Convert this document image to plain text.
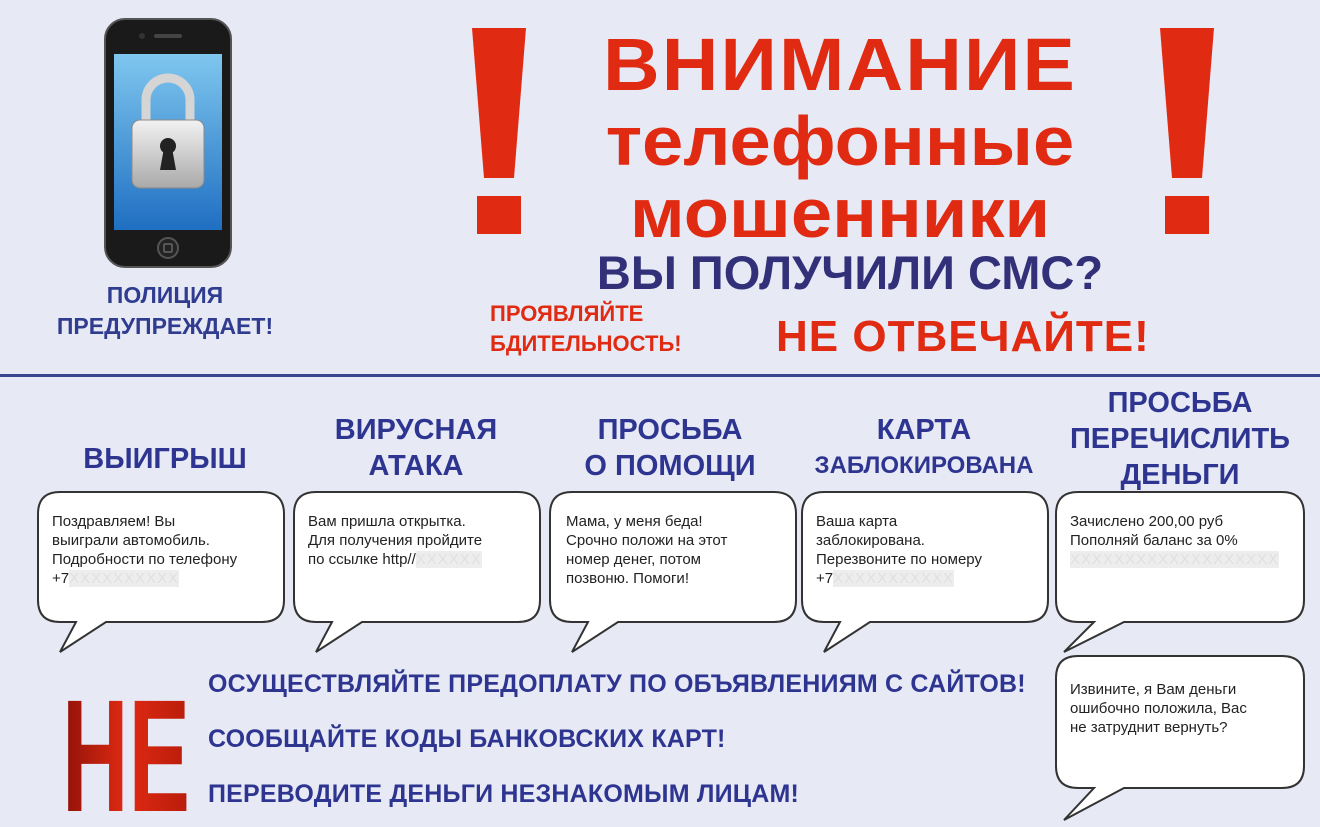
ПОЛИЦИЯ
ПРЕДУПРЕЖДАЕТ!
ВНИМАНИЕ
телефонные
мошенники
ВЫ ПОЛУЧИЛИ СМС?
ПРОЯВЛЯЙТЕ
БДИТЕЛЬНОСТЬ!	НЕ ОТВЕЧАЙТЕ!
ВЫИГРЫШ
ВИРУСНАЯ
АТАКА
ПРОСЬБА
О ПОМОЩИ
КАРТА
ЗАБЛОКИРОВАНА
ПРОСЬБА
ПЕРЕЧИСЛИТЬ
ДЕНЬГИ
Поздравляем! Вы
выиграли автомобиль.
Подробности по телефону
+7XXXXXXXXXX
Вам пришла открытка.
Для получения пройдите
по ссылке http//XXXXXX
Мама, у меня беда!
Срочно положи на этот
номер денег, потом
позвоню. Помоги!
Ваша карта
заблокирована.
Перезвоните по номеру
+7XXXXXXXXXXX
Зачислено 200,00 руб
Пополняй баланс за 0%
XXXXXXXXXXXXXXXXXXX
Извините, я Вам деньги
ошибочно положила, Вас
не затруднит вернуть?
НЕ ОСУЩЕСТВЛЯЙТЕ ПРЕДОПЛАТУ ПО ОБЪЯВЛЕНИЯМ С САЙТОВ!
СООБЩАЙТЕ КОДЫ БАНКОВСКИХ КАРТ!
ПЕРЕВОДИТЕ ДЕНЬГИ НЕЗНАКОМЫМ ЛИЦАМ!
